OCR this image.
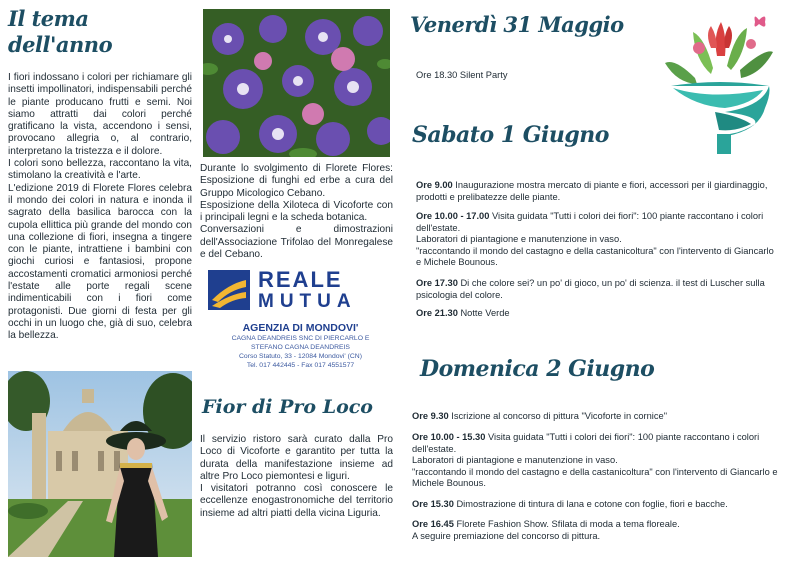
Il tema dell'anno

I fiori indossano i colori per richiamare gli insetti impollinatori, indispensabili perché le piante producano frutti e semi. Noi siamo attratti dai colori perché gratificano la vista, accendono i sensi, provocano allegria o, al contrario, interpretano la tristezza e il dolore.

I colori sono bellezza, raccontano la vita, stimolano la creatività e l'arte.

L'edizione 2019 di Florete Flores celebra il mondo dei colori in natura e inonda il sagrato della basilica barocca con la cupola ellittica più grande del mondo con una collezione di fiori, insegna a tingere con le piante, intrattiene i bambini con giochi curiosi e fantasiosi, propone accostamenti cromatici armoniosi perché l'estate alle porte regali scene indimenticabili con i fiori come protagonisti. Due giorni di festa per gli occhi in un luogo che, già di suo, celebra la bellezza.

Durante lo svolgimento di Florete Flores: Esposizione di funghi ed erbe a cura del Gruppo Micologico Cebano.

Esposizione della Xiloteca di Vicoforte con i principali legni e la scheda botanica.

Conversazioni e dimostrazioni dell'Associazione Trifolao del Monregalese e del Cebano.

REALE
MUTUA
AGENZIA DI MONDOVI'
CAGNA DEANDREIS SNC DI PIERCARLO E
STEFANO CAGNA DEANDREIS
Corso Statuto, 33 - 12084 Mondovi' (CN)
Tel. 017 442445 - Fax 017 4551577
Fior di Pro Loco

Il servizio ristoro sarà curato dalla Pro Loco di Vicoforte e garantito per tutta la durata della manifestazione insieme ad altre Pro Loco piemontesi e liguri.

I visitatori potranno così conoscere le eccellenze enogastronomiche del territorio insieme ad altri piatti della vicina Liguria.

Venerdì 31 Maggio
Ore 18.30 Silent Party
Sabato 1 Giugno
Ore 9.00 Inaugurazione mostra mercato di piante e fiori, accessori per il giardinaggio, prodotti e prelibatezze delle piante.
Ore 10.00 - 17.00 Visita guidata "Tutti i colori dei fiori": 100 piante raccontano i colori dell'estate.
Laboratori di piantagione e manutenzione in vaso.
"raccontando il mondo del castagno e della castanicoltura" con l'intervento di Giancarlo e Michele Bounous.
Ore 17.30 Di che colore sei? un po' di gioco, un po' di scienza. il test di Luscher sulla psicologia del colore.
Ore 21.30 Notte Verde
Domenica 2 Giugno
Ore 9.30 Iscrizione al concorso di pittura "Vicoforte in cornice"
Ore 10.00 - 15.30 Visita guidata "Tutti i colori dei fiori": 100 piante raccontano i colori dell'estate.
Laboratori di piantagione e manutenzione in vaso.
"raccontando il mondo del castagno e della castanicoltura" con l'intervento di Giancarlo e Michele Bounous.
Ore 15.30 Dimostrazione di tintura di lana e cotone con foglie, fiori e bacche.
Ore 16.45 Florete Fashion Show. Sfilata di moda a tema floreale.
A seguire premiazione del concorso di pittura.
